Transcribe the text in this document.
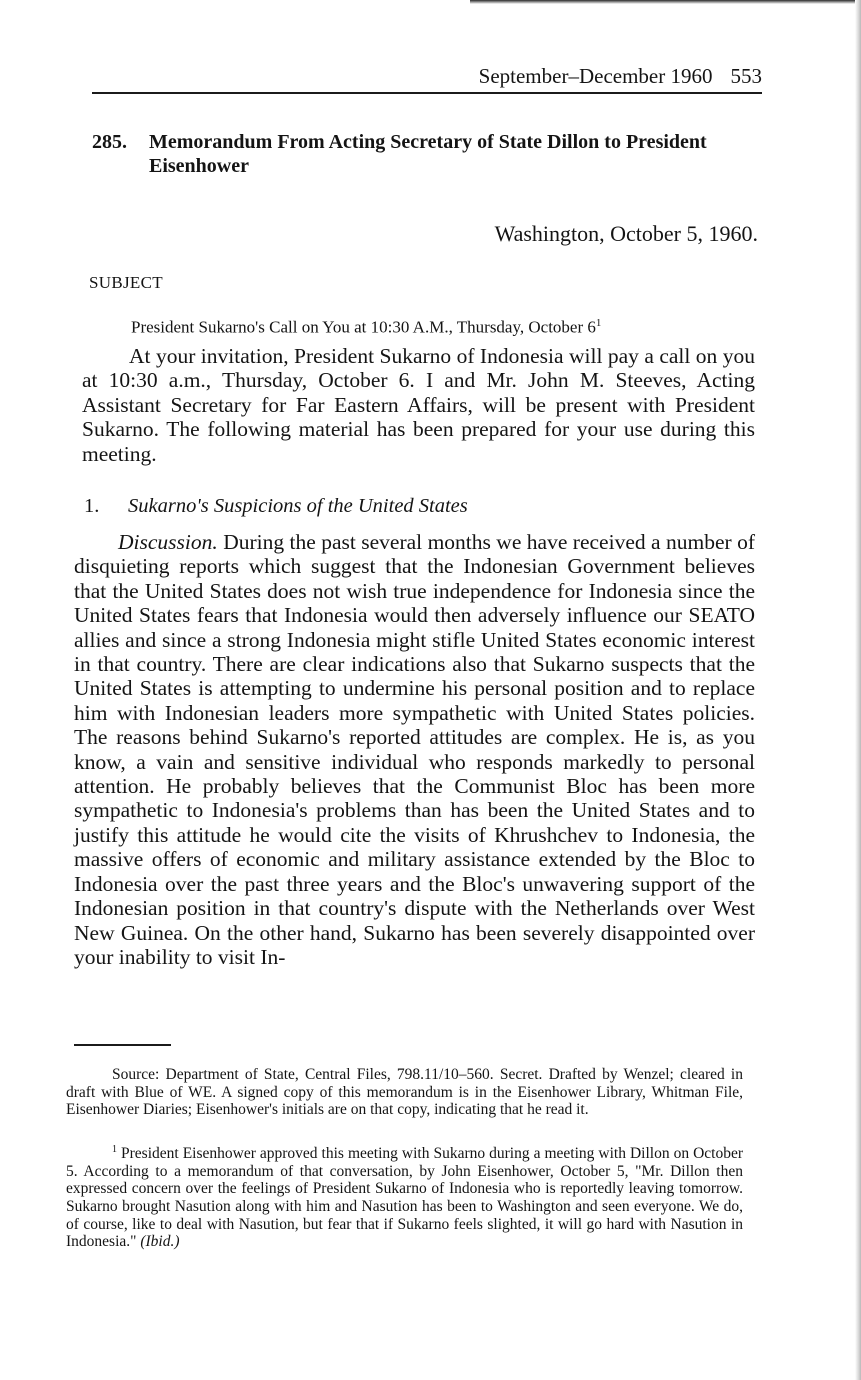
September–December 1960 553
285. Memorandum From Acting Secretary of State Dillon to President Eisenhower
Washington, October 5, 1960.
SUBJECT
President Sukarno's Call on You at 10:30 A.M., Thursday, October $6^1$

At your invitation, President Sukarno of Indonesia will pay a call on you at 10:30 a.m., Thursday, October 6. I and Mr. John M. Steeves, Acting Assistant Secretary for Far Eastern Affairs, will be present with President Sukarno. The following material has been prepared for your use during this meeting.

1. Sukarno's Suspicions of the United States

Discussion. During the past several months we have received a number of disquieting reports which suggest that the Indonesian Government believes that the United States does not wish true independence for Indonesia since the United States fears that Indonesia would then adversely influence our SEATO allies and since a strong Indonesia might stifle United States economic interest in that country. There are clear indications also that Sukarno suspects that the United States is attempting to undermine his personal position and to replace him with Indonesian leaders more sympathetic with United States policies. The reasons behind Sukarno's reported attitudes are complex. He is, as you know, a vain and sensitive individual who responds markedly to personal attention. He probably believes that the Communist Bloc has been more sympathetic to Indonesia's problems than has been the United States and to justify this attitude he would cite the visits of Khrushchev to Indonesia, the massive offers of economic and military assistance extended by the Bloc to Indonesia over the past three years and the Bloc's unwavering support of the Indonesian position in that country's dispute with the Netherlands over West New Guinea. On the other hand, Sukarno has been severely disappointed over your inability to visit In-

Source: Department of State, Central Files, 798.11/10–560. Secret. Drafted by Wenzel; cleared in draft with Blue of WE. A signed copy of this memorandum is in the Eisenhower Library, Whitman File, Eisenhower Diaries; Eisenhower's initials are on that copy, indicating that he read it.

$^1$ President Eisenhower approved this meeting with Sukarno during a meeting with Dillon on October 5. According to a memorandum of that conversation, by John Eisenhower, October 5, "Mr. Dillon then expressed concern over the feelings of President Sukarno of Indonesia who is reportedly leaving tomorrow. Sukarno brought Nasution along with him and Nasution has been to Washington and seen everyone. We do, of course, like to deal with Nasution, but fear that if Sukarno feels slighted, it will go hard with Nasution in Indonesia." (Ibid.)
